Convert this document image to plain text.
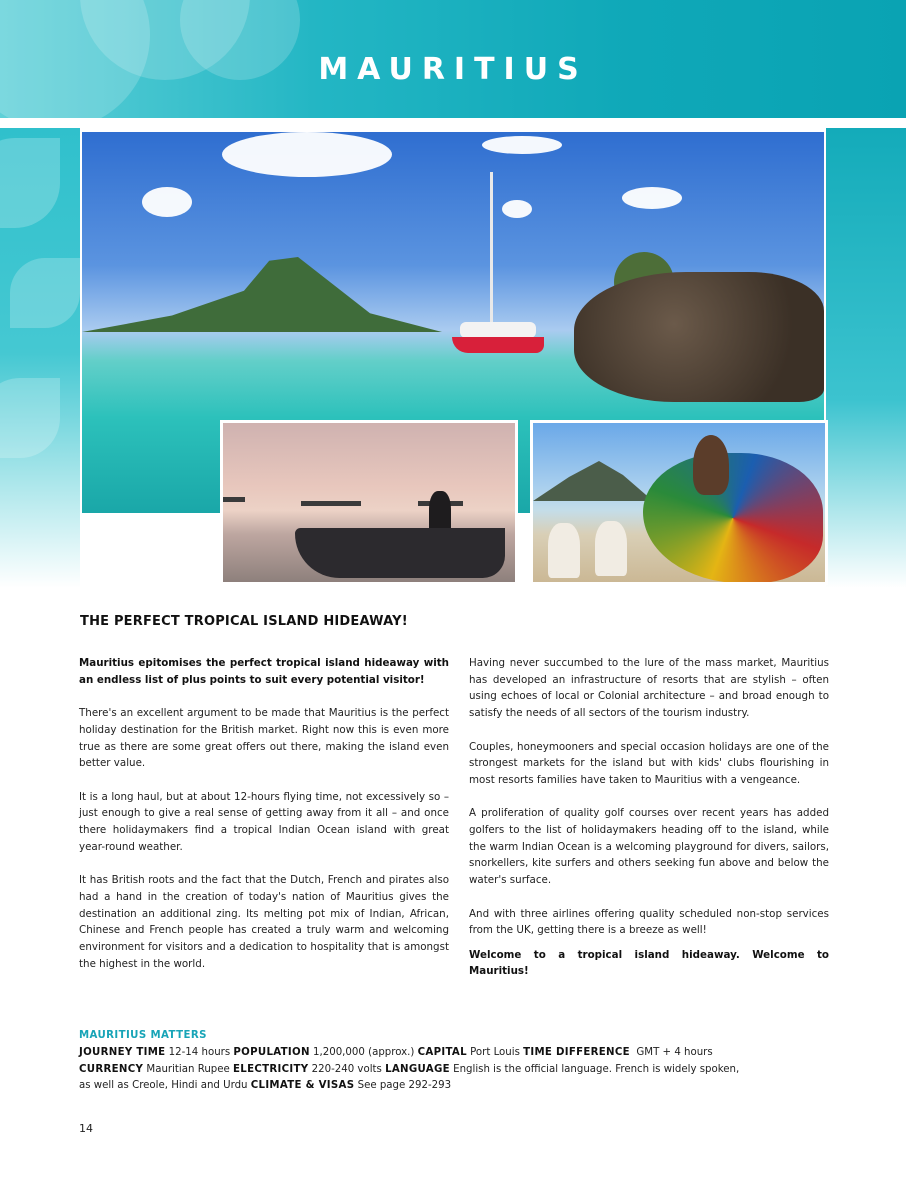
MAURITIUS
THE PERFECT TROPICAL ISLAND HIDEAWAY!

Mauritius epitomises the perfect tropical island hideaway with an endless list of plus points to suit every potential visitor!

There's an excellent argument to be made that Mauritius is the perfect holiday destination for the British market. Right now this is even more true as there are some great offers out there, making the island even better value.

It is a long haul, but at about 12-hours flying time, not excessively so – just enough to give a real sense of getting away from it all – and once there holidaymakers find a tropical Indian Ocean island with great year-round weather.

It has British roots and the fact that the Dutch, French and pirates also had a hand in the creation of today's nation of Mauritius gives the destination an additional zing. Its melting pot mix of Indian, African, Chinese and French people has created a truly warm and welcoming environment for visitors and a dedication to hospitality that is amongst the highest in the world.

Having never succumbed to the lure of the mass market, Mauritius has developed an infrastructure of resorts that are stylish – often using echoes of local or Colonial architecture – and broad enough to satisfy the needs of all sectors of the tourism industry.

Couples, honeymooners and special occasion holidays are one of the strongest markets for the island but with kids' clubs flourishing in most resorts families have taken to Mauritius with a vengeance.

A proliferation of quality golf courses over recent years has added golfers to the list of holidaymakers heading off to the island, while the warm Indian Ocean is a welcoming playground for divers, sailors, snorkellers, kite surfers and others seeking fun above and below the water's surface.

And with three airlines offering quality scheduled non-stop services from the UK, getting there is a breeze as well!

Welcome to a tropical island hideaway. Welcome to Mauritius!

MAURITIUS MATTERS
JOURNEY TIME 12-14 hours POPULATION 1,200,000 (approx.) CAPITAL Port Louis TIME DIFFERENCE  GMT + 4 hours
CURRENCY Mauritian Rupee ELECTRICITY 220-240 volts LANGUAGE English is the official language. French is widely spoken,
as well as Creole, Hindi and Urdu CLIMATE & VISAS See page 292-293
14
